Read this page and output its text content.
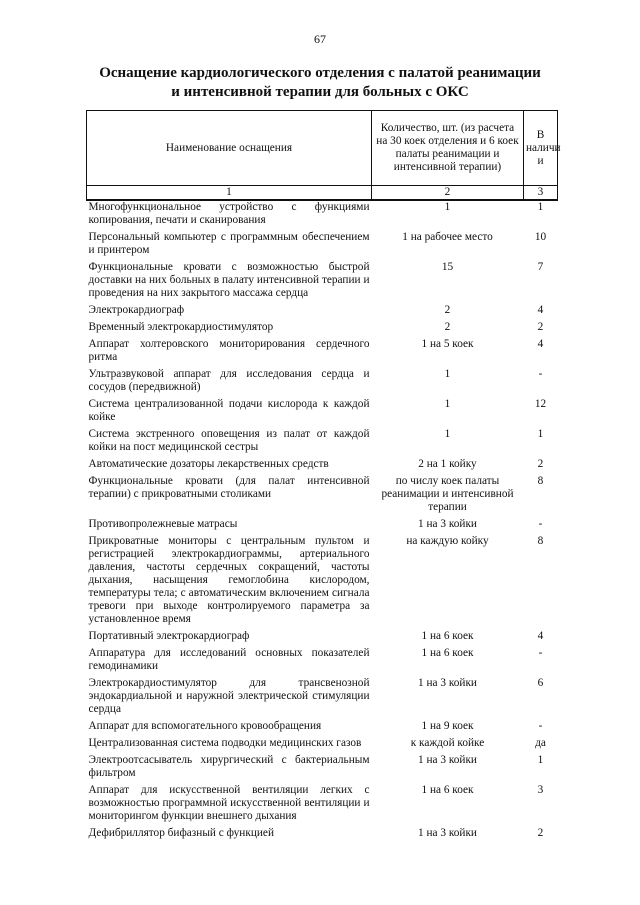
67
Оснащение кардиологического отделения с палатой реанимации
и интенсивной терапии для больных с ОКС
Наименование оснащения	Количество, шт. (из расчета на 30 коек отделения и 6 коек палаты реанимации и интенсивной терапии)	В наличи и
1	2	3
Многофункциональное устройство с функциями копирования, печати и сканирования	1	1
Персональный компьютер с программным обеспечением и принтером	1 на рабочее место	10
Функциональные кровати с возможностью быстрой доставки на них больных в палату интенсивной терапии и проведения на них закрытого массажа сердца	15	7
Электрокардиограф	2	4
Временный электрокардиостимулятор	2	2
Аппарат холтеровского мониторирования сердечного ритма	1 на 5 коек	4
Ультразвуковой аппарат для исследования сердца и сосудов (передвижной)	1	-
Система централизованной подачи кислорода к каждой койке	1	12
Система экстренного оповещения из палат от каждой койки на пост медицинской сестры	1	1
Автоматические дозаторы лекарственных средств	2 на 1 койку	2
Функциональные кровати (для палат интенсивной терапии) с прикроватными столиками	по числу коек палаты реанимации и интенсивной терапии	8
Противопролежневые матрасы	1 на 3 койки	-
Прикроватные мониторы с центральным пультом и регистрацией электрокардиограммы, артериального давления, частоты сердечных сокращений, частоты дыхания, насыщения гемоглобина кислородом, температуры тела; с автоматическим включением сигнала тревоги при выходе контролируемого параметра за установленное время	на каждую койку	8
Портативный электрокардиограф	1 на 6 коек	4
Аппаратура для исследований основных показателей гемодинамики	1 на 6 коек	-
Электрокардиостимулятор для трансвенозной эндокардиальной и наружной электрической стимуляции сердца	1 на 3 койки	6
Аппарат для вспомогательного кровообращения	1 на 9 коек	-
Централизованная система подводки медицинских газов	к каждой койке	да
Электроотсасыватель хирургический с бактериальным фильтром	1 на 3 койки	1
Аппарат для искусственной вентиляции легких с возможностью программной искусственной вентиляции и мониторингом функции внешнего дыхания	1 на 6 коек	3
Дефибриллятор бифазный с функцией	1 на 3 койки	2
